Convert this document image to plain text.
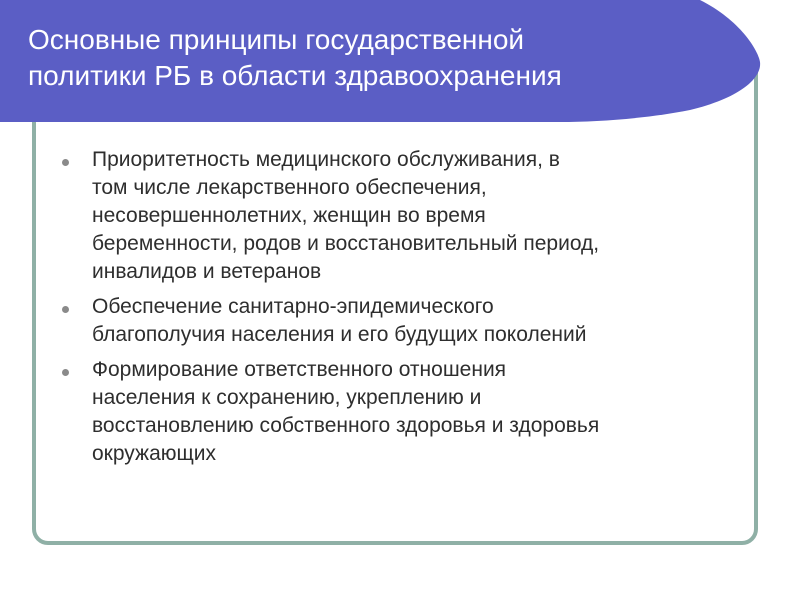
Основные принципы государственной
политики РБ в области здравоохранения
Приоритетность медицинского обслуживания, в
том числе лекарственного обеспечения,
несовершеннолетних, женщин во время
беременности, родов и восстановительный период,
инвалидов и ветеранов
Обеспечение санитарно-эпидемического
благополучия населения и его будущих поколений
Формирование ответственного отношения
населения к сохранению, укреплению и
восстановлению собственного здоровья и здоровья
окружающих
